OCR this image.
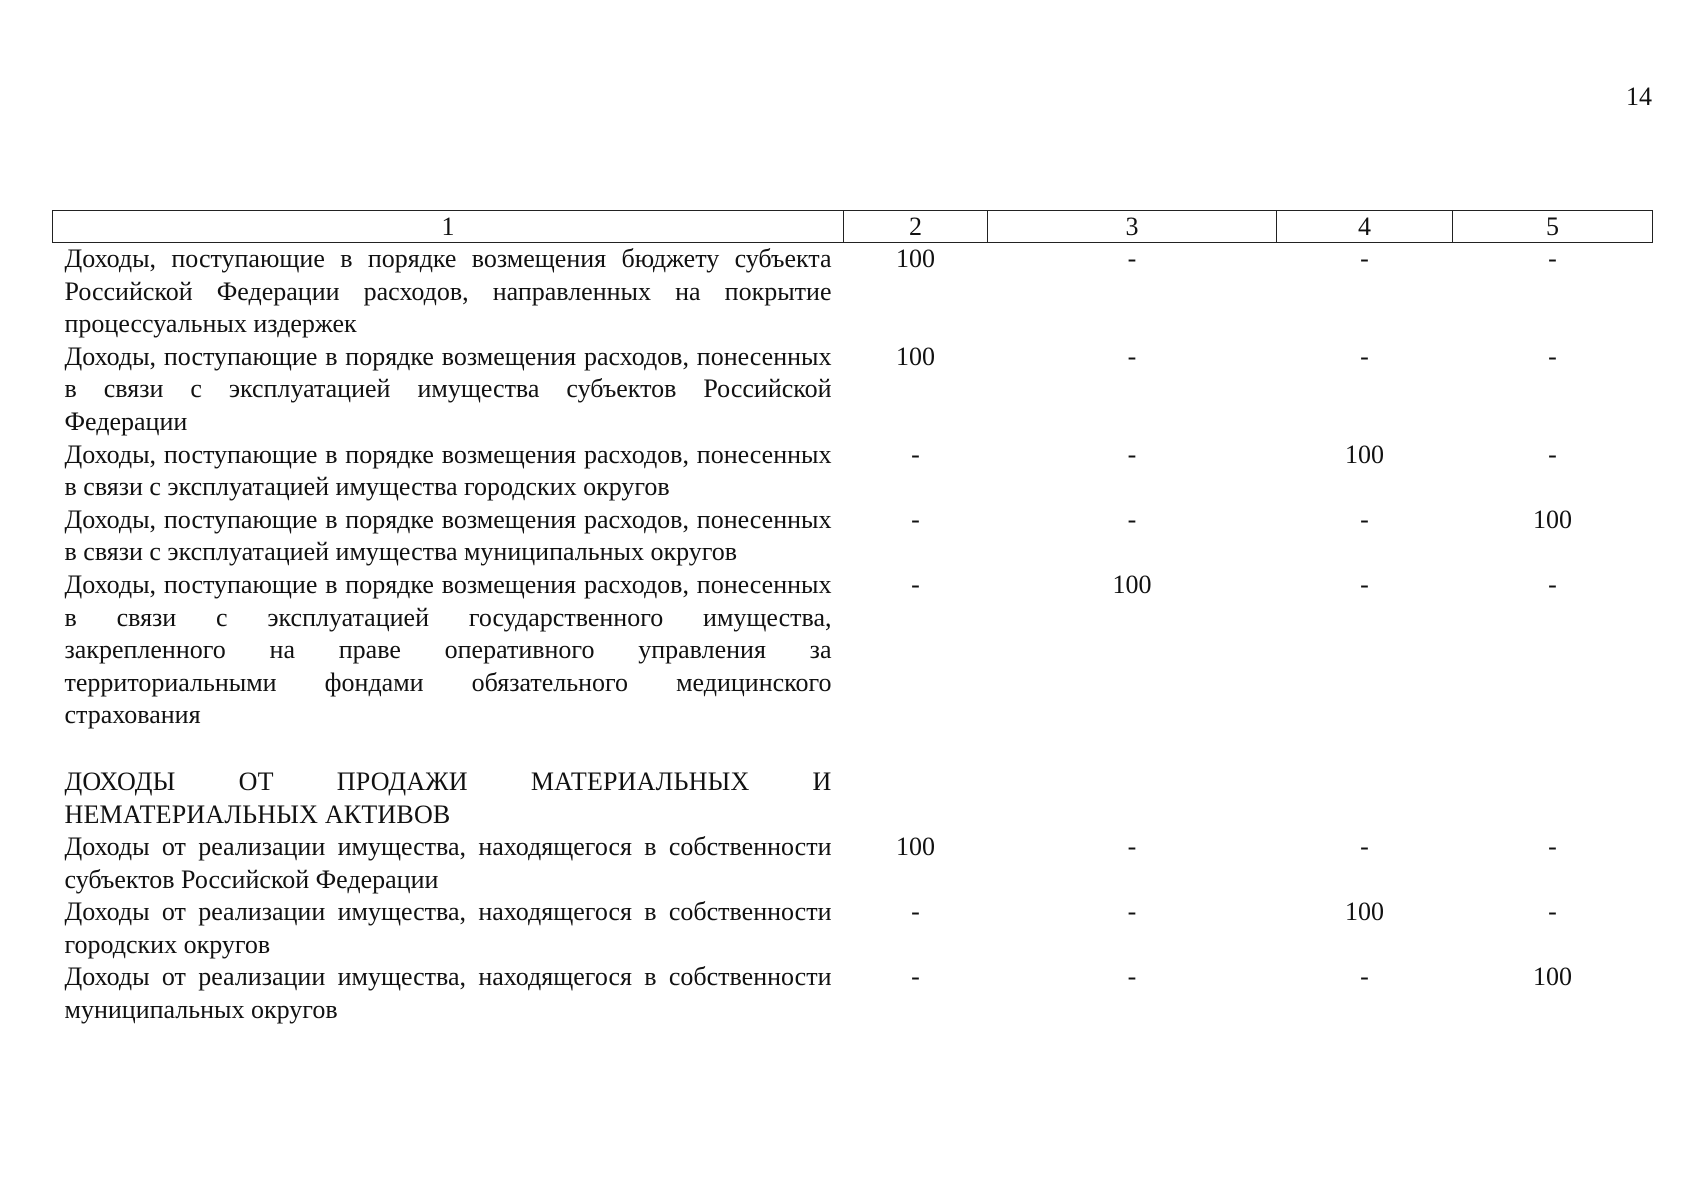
14
1	2	3	4	5
Доходы, поступающие в порядке возмещения бюджету субъекта Российской Федерации расходов, направленных на покрытие процессуальных издержек	100	-	-	-
Доходы, поступающие в порядке возмещения расходов, понесенных в связи с эксплуатацией имущества субъектов Российской Федерации	100	-	-	-
Доходы, поступающие в порядке возмещения расходов, понесенных в связи с эксплуатацией имущества городских округов	-	-	100	-
Доходы, поступающие в порядке возмещения расходов, понесенных в связи с эксплуатацией имущества муниципальных округов	-	-	-	100
Доходы, поступающие в порядке возмещения расходов, понесенных в связи с эксплуатацией государственного имущества, закрепленного на праве оперативного управления за территориальными фондами обязательного медицинского страхования	-	100	-	-

ДОХОДЫ ОТ ПРОДАЖИ МАТЕРИАЛЬНЫХ И НЕМАТЕРИАЛЬНЫХ АКТИВОВ				
Доходы от реализации имущества, находящегося в собственности субъектов Российской Федерации	100	-	-	-
Доходы от реализации имущества, находящегося в собственности городских округов	-	-	100	-
Доходы от реализации имущества, находящегося в собственности муниципальных округов	-	-	-	100
